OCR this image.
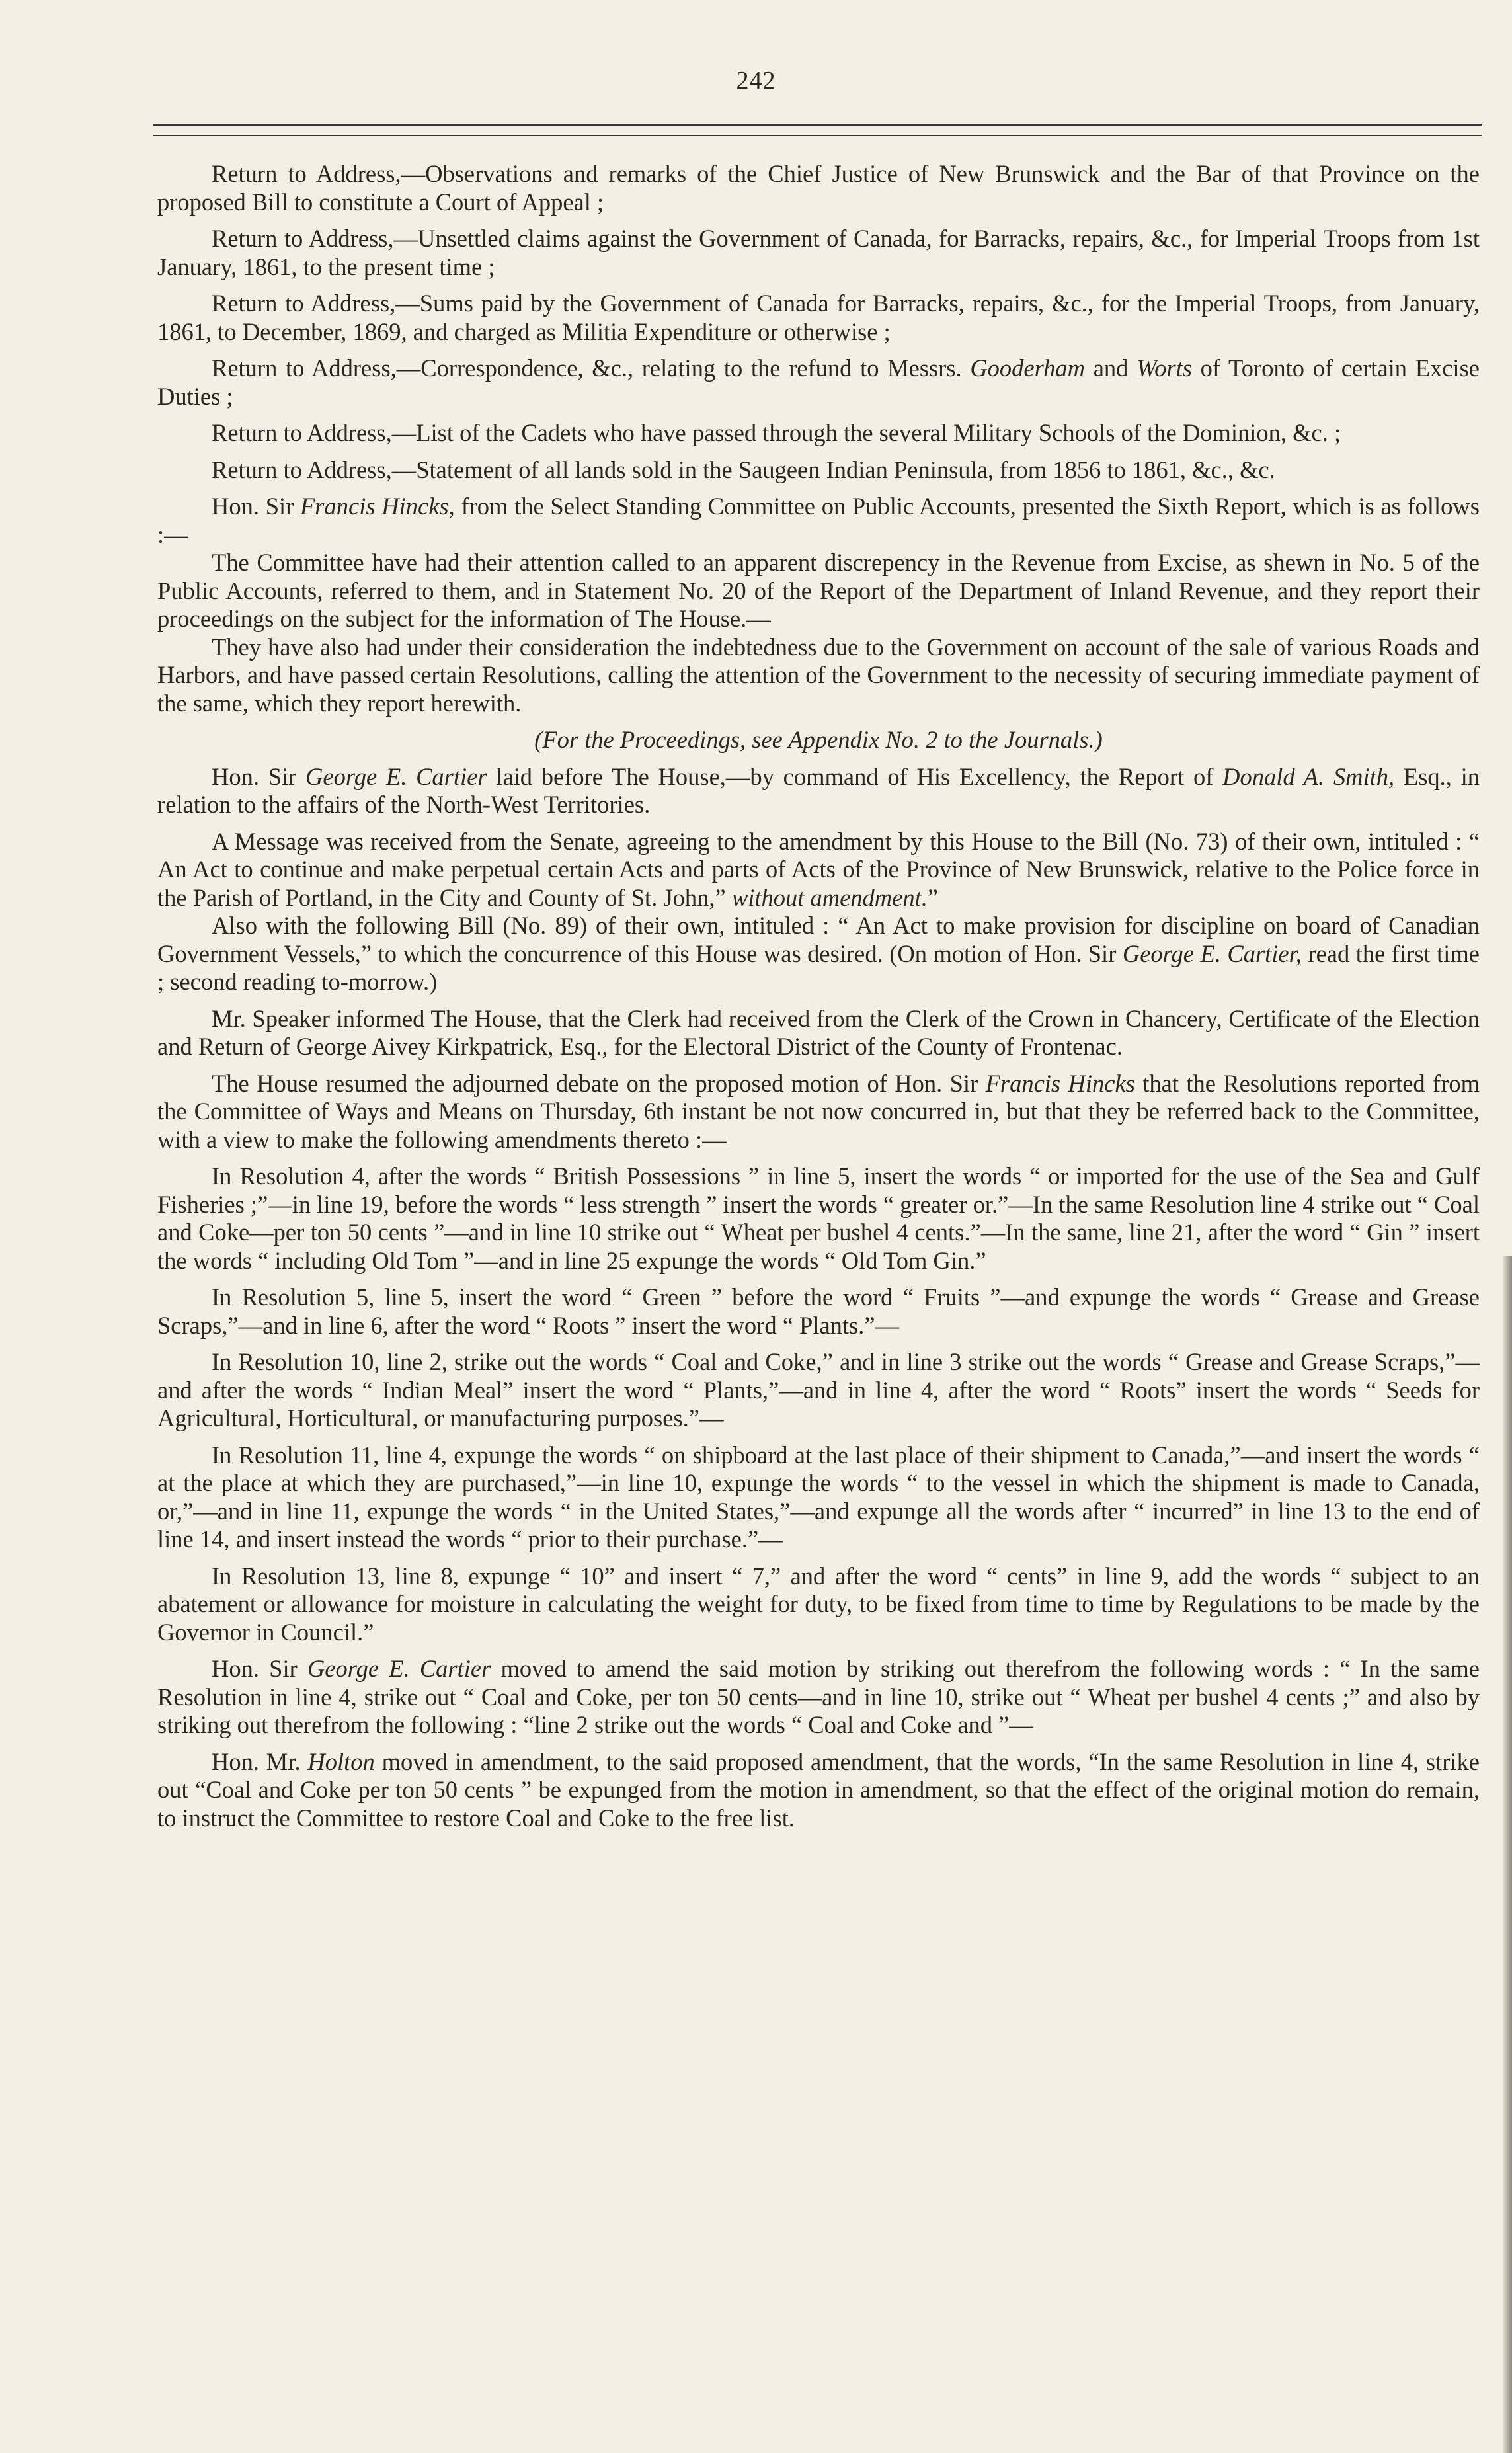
242

Return to Address,—Observations and remarks of the Chief Justice of New Brunswick and the Bar of that Province on the proposed Bill to constitute a Court of Appeal ;

Return to Address,—Unsettled claims against the Government of Canada, for Barracks, repairs, &c., for Imperial Troops from 1st January, 1861, to the present time ;

Return to Address,—Sums paid by the Government of Canada for Barracks, repairs, &c., for the Imperial Troops, from January, 1861, to December, 1869, and charged as Militia Expenditure or otherwise ;

Return to Address,—Correspondence, &c., relating to the refund to Messrs. Gooderham and Worts of Toronto of certain Excise Duties ;

Return to Address,—List of the Cadets who have passed through the several Military Schools of the Dominion, &c. ;

Return to Address,—Statement of all lands sold in the Saugeen Indian Peninsula, from 1856 to 1861, &c., &c.

Hon. Sir Francis Hincks, from the Select Standing Committee on Public Accounts, presented the Sixth Report, which is as follows :—

The Committee have had their attention called to an apparent discrepency in the Revenue from Excise, as shewn in No. 5 of the Public Accounts, referred to them, and in Statement No. 20 of the Report of the Department of Inland Revenue, and they report their proceedings on the subject for the information of The House.—

They have also had under their consideration the indebtedness due to the Government on account of the sale of various Roads and Harbors, and have passed certain Resolutions, calling the attention of the Government to the necessity of securing immediate payment of the same, which they report herewith.

(For the Proceedings, see Appendix No. 2 to the Journals.)

Hon. Sir George E. Cartier laid before The House,—by command of His Excellency, the Report of Donald A. Smith, Esq., in relation to the affairs of the North-West Territories.

A Message was received from the Senate, agreeing to the amendment by this House to the Bill (No. 73) of their own, intituled : “ An Act to continue and make perpetual certain Acts and parts of Acts of the Province of New Brunswick, relative to the Police force in the Parish of Portland, in the City and County of St. John,” without amendment.”

Also with the following Bill (No. 89) of their own, intituled : “ An Act to make provision for discipline on board of Canadian Government Vessels,” to which the concurrence of this House was desired. (On motion of Hon. Sir George E. Cartier, read the first time ; second reading to-morrow.)

Mr. Speaker informed The House, that the Clerk had received from the Clerk of the Crown in Chancery, Certificate of the Election and Return of George Aivey Kirkpatrick, Esq., for the Electoral District of the County of Frontenac.

The House resumed the adjourned debate on the proposed motion of Hon. Sir Francis Hincks that the Resolutions reported from the Committee of Ways and Means on Thursday, 6th instant be not now concurred in, but that they be referred back to the Committee, with a view to make the following amendments thereto :—

In Resolution 4, after the words “ British Possessions ” in line 5, insert the words “ or imported for the use of the Sea and Gulf Fisheries ;”—in line 19, before the words “ less strength ” insert the words “ greater or.”—In the same Resolution line 4 strike out “ Coal and Coke—per ton 50 cents ”—and in line 10 strike out “ Wheat per bushel 4 cents.”—In the same, line 21, after the word “ Gin ” insert the words “ including Old Tom ”—and in line 25 expunge the words “ Old Tom Gin.”

In Resolution 5, line 5, insert the word “ Green ” before the word “ Fruits ”—and expunge the words “ Grease and Grease Scraps,”—and in line 6, after the word “ Roots ” insert the word “ Plants.”—

In Resolution 10, line 2, strike out the words “ Coal and Coke,” and in line 3 strike out the words “ Grease and Grease Scraps,”—and after the words “ Indian Meal” insert the word “ Plants,”—and in line 4, after the word “ Roots” insert the words “ Seeds for Agricultural, Horticultural, or manufacturing purposes.”—

In Resolution 11, line 4, expunge the words “ on shipboard at the last place of their shipment to Canada,”—and insert the words “ at the place at which they are purchased,”—in line 10, expunge the words “ to the vessel in which the shipment is made to Canada, or,”—and in line 11, expunge the words “ in the United States,”—and expunge all the words after “ incurred” in line 13 to the end of line 14, and insert instead the words “ prior to their purchase.”—

In Resolution 13, line 8, expunge “ 10” and insert “ 7,” and after the word “ cents” in line 9, add the words “ subject to an abatement or allowance for moisture in calculating the weight for duty, to be fixed from time to time by Regulations to be made by the Governor in Council.”

Hon. Sir George E. Cartier moved to amend the said motion by striking out therefrom the following words : “ In the same Resolution in line 4, strike out “ Coal and Coke, per ton 50 cents—and in line 10, strike out “ Wheat per bushel 4 cents ;” and also by striking out therefrom the following : “line 2 strike out the words “ Coal and Coke and ”—

Hon. Mr. Holton moved in amendment, to the said proposed amendment, that the words, “In the same Resolution in line 4, strike out “Coal and Coke per ton 50 cents ” be expunged from the motion in amendment, so that the effect of the original motion do remain, to instruct the Committee to restore Coal and Coke to the free list.
